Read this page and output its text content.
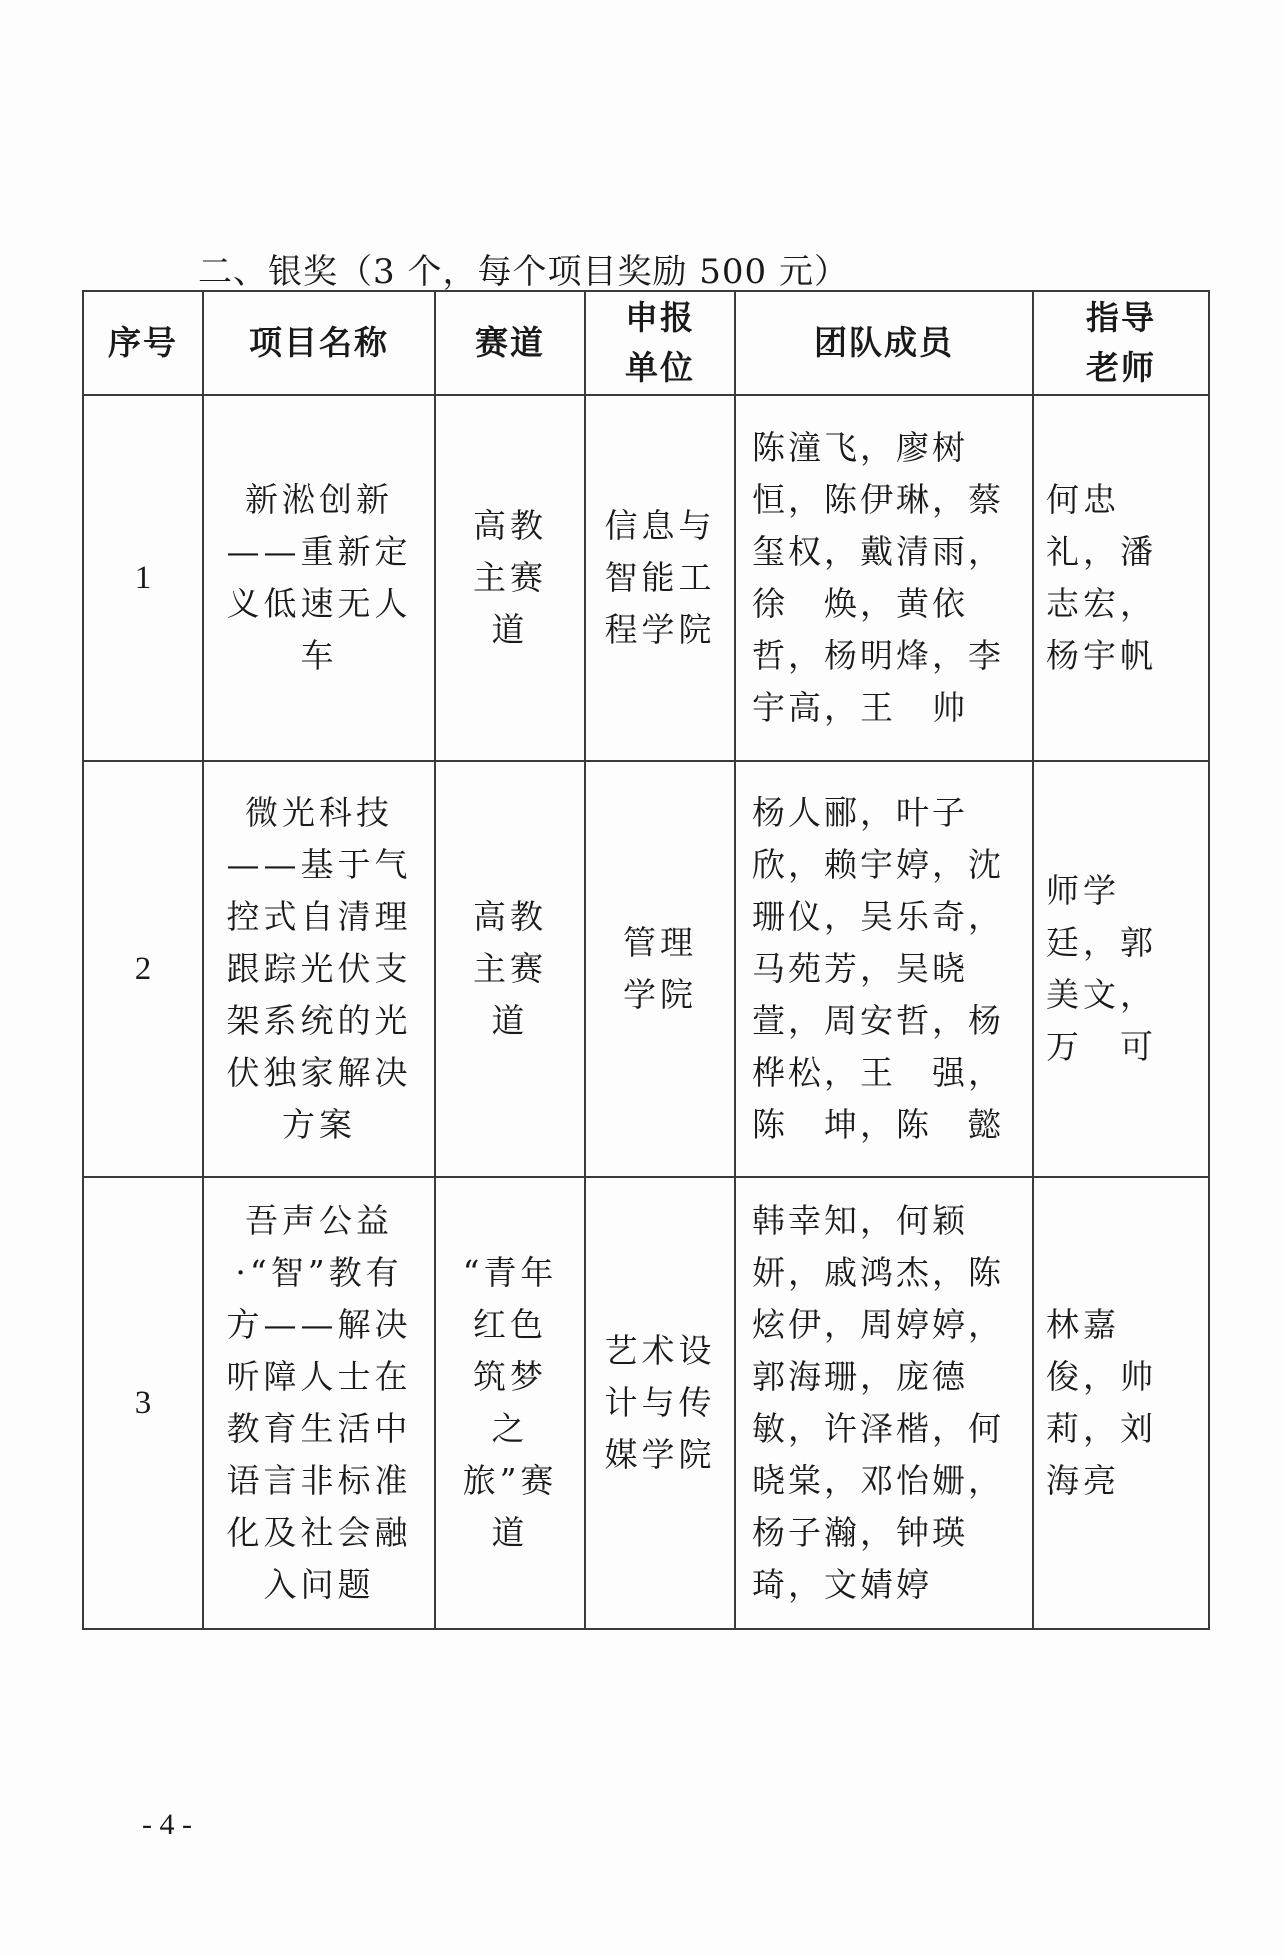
二、银奖（3 个，每个项目奖励 500 元）
序号	项目名称	赛道	申报单位	团队成员	指导老师

1	新淞创新——重新定义低速无人车	高教主赛道	信息与智能工程学院	陈潼飞，廖树恒，陈伊琳，蔡玺权，戴清雨，徐　焕，黄依哲，杨明烽，李宇高，王　帅	何忠礼，潘志宏，杨宇帆

2	微光科技——基于气控式自清理跟踪光伏支架系统的光伏独家解决方案	高教主赛道	管理学院	杨人郦，叶子欣，赖宇婷，沈珊仪，吴乐奇，马苑芳，吴晓萱，周安哲，杨桦松，王　强，陈　坤，陈　懿	师学廷，郭美文，万　可

3	吾声公益·“智”教有方——解决听障人士在教育生活中语言非标准化及社会融入问题	“青年红色筑梦之旅”赛道	艺术设计与传媒学院	韩幸知，何颖妍，戚鸿杰，陈炫伊，周婷婷，郭海珊，庞德敏，许泽楷，何晓棠，邓怡姗，杨子瀚，钟瑛琦，文婧婷	林嘉俊，帅　莉，刘海亮
- 4 -
